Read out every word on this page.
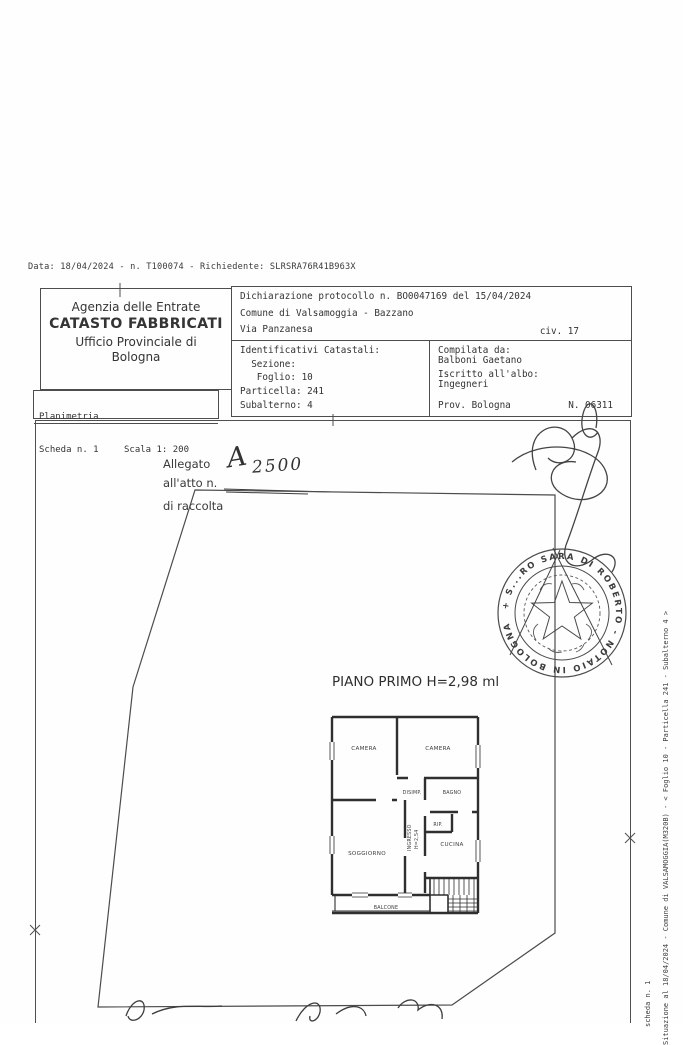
Data: 18/04/2024 - n. T100074 - Richiedente: SLRSRA76R41B963X
Agenzia delle Entrate
CATASTO FABBRICATI
Ufficio Provinciale di
Bologna

Planimetria

Scheda n. 1

	Scala 1: 200

Dichiarazione protocollo n. BO0047169 del 15/04/2024

Comune di Valsamoggia - Bazzano

Via Panzanesa

	civ. 17

Identificativi Catastali:

Sezione:

Foglio: 10

Particella: 241

Subalterno: 4

Compilata da:

Balboni Gaetano

Iscritto all'albo:

Ingegneri

Prov. Bologna

	N. 06311

Allegato
all'atto n.
di raccolta
A 2500
Situazione al 18/04/2024 - Comune di VALSAMOGGIA(M320B) - < Foglio 10 - Particella 241 - Subalterno 4 >
scheda n. 1
PIANO PRIMO H=2,98 ml
CAMERA	CAMERA
DISIMP.	BAGNO
RIP.
CUCINA
SOGGIORNO
BALCONE
INGRESSO H=2,54
+ S...RO SARA DI ROBERTO - NOTAIO IN BOLOGNA
